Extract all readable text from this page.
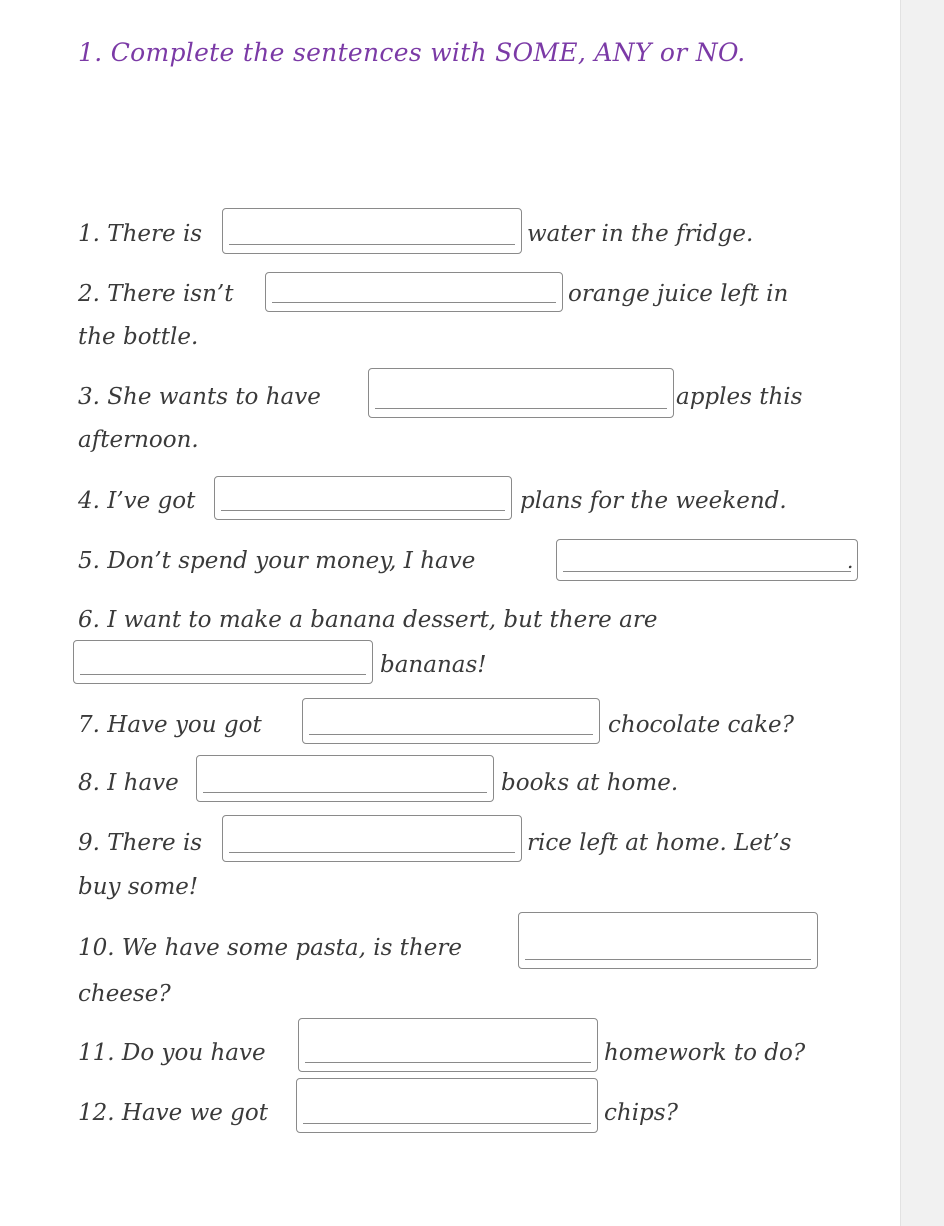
1. Complete the sentences with SOME, ANY or NO.
1. There is	water in the fridge.
2. There isn’t	orange juice left in
the bottle.
3. She wants to have	apples this
afternoon.
4. I’ve got	plans for the weekend.
5. Don’t spend your money, I have	.
6. I want to make a banana dessert, but there are
bananas!
7. Have you got	chocolate cake?
8. I have	books at home.
9. There is	rice left at home. Let’s
buy some!
10. We have some pasta, is there
cheese?
11. Do you have	homework to do?
12. Have we got	chips?
